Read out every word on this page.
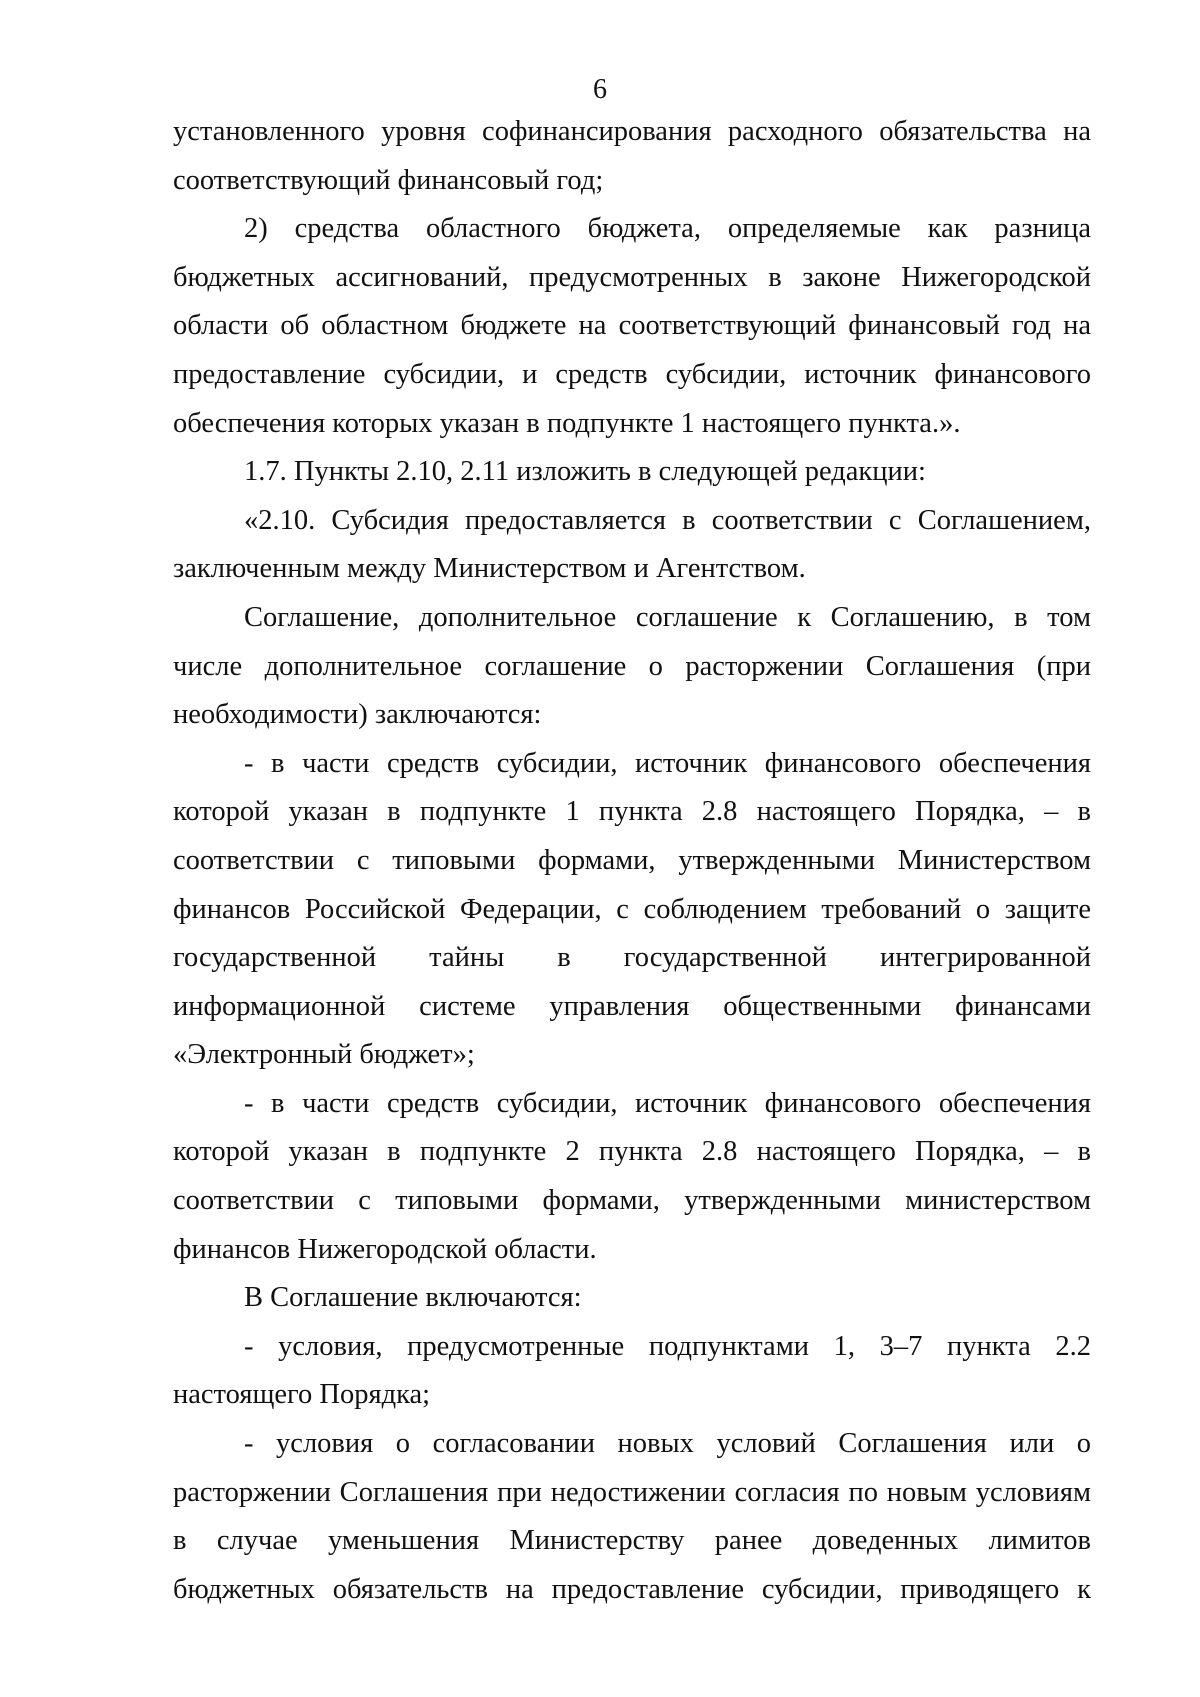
6

установленного уровня софинансирования расходного обязательства на соответствующий финансовый год;

2) средства областного бюджета, определяемые как разница бюджетных ассигнований, предусмотренных в законе Нижегородской области об областном бюджете на соответствующий финансовый год на предоставление субсидии, и средств субсидии, источник финансового обеспечения которых указан в подпункте 1 настоящего пункта.».

1.7. Пункты 2.10, 2.11 изложить в следующей редакции:

«2.10. Субсидия предоставляется в соответствии с Соглашением, заключенным между Министерством и Агентством.

Соглашение, дополнительное соглашение к Соглашению, в том числе дополнительное соглашение о расторжении Соглашения (при необходимости) заключаются:

- в части средств субсидии, источник финансового обеспечения которой указан в подпункте 1 пункта 2.8 настоящего Порядка, – в соответствии с типовыми формами, утвержденными Министерством финансов Российской Федерации, с соблюдением требований о защите государственной тайны в государственной интегрированной информационной системе управления общественными финансами «Электронный бюджет»;

- в части средств субсидии, источник финансового обеспечения которой указан в подпункте 2 пункта 2.8 настоящего Порядка, – в соответствии с типовыми формами, утвержденными министерством финансов Нижегородской области.

В Соглашение включаются:

- условия, предусмотренные подпунктами 1, 3–7 пункта 2.2 настоящего Порядка;

- условия о согласовании новых условий Соглашения или о расторжении Соглашения при недостижении согласия по новым условиям в случае уменьшения Министерству ранее доведенных лимитов бюджетных обязательств на предоставление субсидии, приводящего к
